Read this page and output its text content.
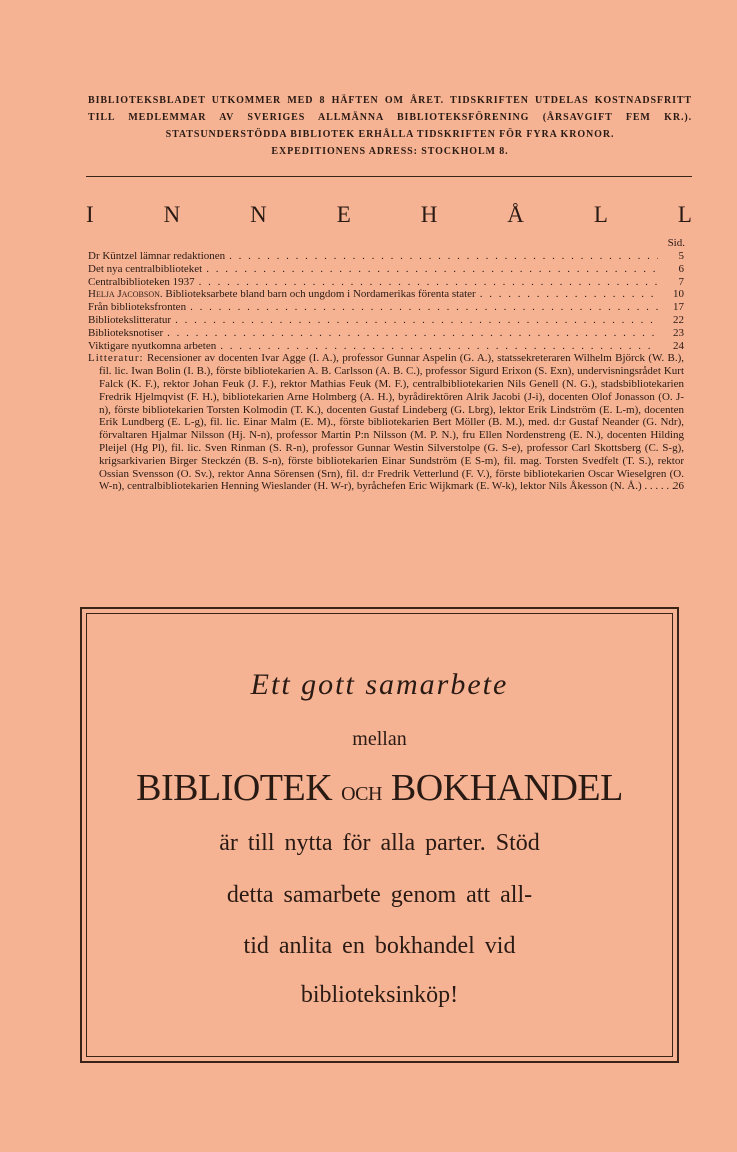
BIBLIOTEKSBLADET UTKOMMER MED 8 HÄFTEN OM ÅRET. TIDSKRIFTEN UTDELAS KOSTNADSFRITT TILL MEDLEMMAR AV SVERIGES ALLMÄNNA BIBLIOTEKSFÖRENING (ÅRSAVGIFT FEM KR.). STATSUNDERSTÖDDA BIBLIOTEK ERHÅLLA TIDSKRIFTEN FÖR FYRA KRONOR.
EXPEDITIONENS ADRESS: STOCKHOLM 8.
I	N	N	E	H	Å	L	L
Sid.
Dr Küntzel lämnar redaktionen . . .	5
Det nya centralbiblioteket . . .	6
Centralbiblioteken 1937 . . .	7
Helja Jacobson. Biblioteksarbete bland barn och ungdom i Nordamerikas förenta stater . . .	10
Från biblioteksfronten . . .	17
Bibliotekslitteratur . . .	22
Biblioteksnotiser . . .	23
Viktigare nyutkomna arbeten . . .	24
Litteratur: Recensioner av docenten Ivar Agge (I. A.), professor Gunnar Aspelin (G. A.), statssekreteraren Wilhelm Björck (W. B.), fil. lic. Iwan Bolin (I. B.), förste bibliotekarien A. B. Carlsson (A. B. C.), professor Sigurd Erixon (S. Exn), undervisningsrådet Kurt Falck (K. F.), rektor Johan Feuk (J. F.), rektor Mathias Feuk (M. F.), centralbibliotekarien Nils Genell (N. G.), stadsbibliotekarien Fredrik Hjelmqvist (F. H.), bibliotekarien Arne Holmberg (A. H.), byrådirektören Alrik Jacobi (J-i), docenten Olof Jonasson (O. J-n), förste bibliotekarien Torsten Kolmodin (T. K.), docenten Gustaf Lindeberg (G. Lbrg), lektor Erik Lindström (E. L-m), docenten Erik Lundberg (E. L-g), fil. lic. Einar Malm (E. M)., förste bibliotekarien Bert Möller (B. M.), med. d:r Gustaf Neander (G. Ndr), förvaltaren Hjalmar Nilsson (Hj. N-n), professor Martin P:n Nilsson (M. P. N.), fru Ellen Nordenstreng (E. N.), docenten Hilding Pleijel (Hg Pl), fil. lic. Sven Rinman (S. R-n), professor Gunnar Westin Silverstolpe (G. S-e), professor Carl Skottsberg (C. S-g), krigsarkivarien Birger Steckzén (B. S-n), förste bibliotekarien Einar Sundström (E S-m), fil. mag. Torsten Svedfelt (T. S.), rektor Ossian Svensson (O. Sv.), rektor Anna Sörensen (Srn), fil. d:r Fredrik Vetterlund (F. V.), förste bibliotekarien Oscar Wieselgren (O. W-n), centralbibliotekarien Henning Wieslander (H. W-r), byråchefen Eric Wijkmark (E. W-k), lektor Nils Åkesson (N. Å.) . . . . . .
26
Ett gott samarbete
mellan
BIBLIOTEK och BOKHANDEL
är till nytta för alla parter. Stöd
detta samarbete genom att all-
tid anlita en bokhandel vid
biblioteksinköp!
